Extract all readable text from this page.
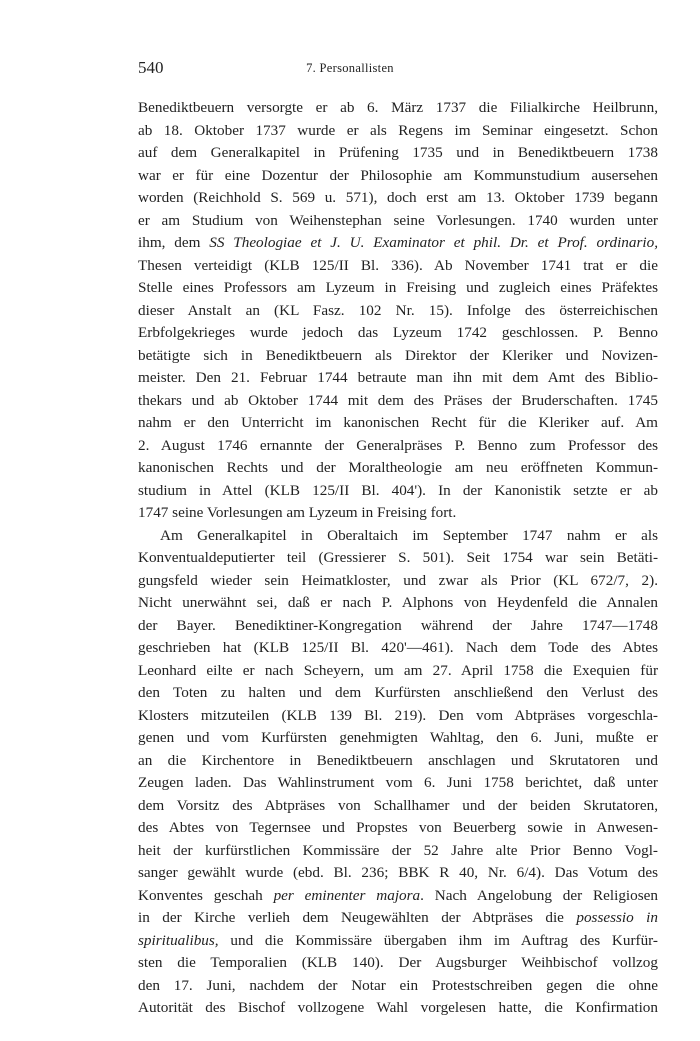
540	7. Personallisten
Benediktbeuern versorgte er ab 6. März 1737 die Filialkirche Heilbrunn,
ab 18. Oktober 1737 wurde er als Regens im Seminar eingesetzt. Schon
auf dem Generalkapitel in Prüfening 1735 und in Benediktbeuern 1738
war er für eine Dozentur der Philosophie am Kommunstudium ausersehen
worden (Reichhold S. 569 u. 571), doch erst am 13. Oktober 1739 begann
er am Studium von Weihenstephan seine Vorlesungen. 1740 wurden unter
ihm, dem SS Theologiae et J. U. Examinator et phil. Dr. et Prof. ordinario,
Thesen verteidigt (KLB 125/II Bl. 336). Ab November 1741 trat er die
Stelle eines Professors am Lyzeum in Freising und zugleich eines Präfektes
dieser Anstalt an (KL Fasz. 102 Nr. 15). Infolge des österreichischen
Erbfolgekrieges wurde jedoch das Lyzeum 1742 geschlossen. P. Benno
betätigte sich in Benediktbeuern als Direktor der Kleriker und Novizen-
meister. Den 21. Februar 1744 betraute man ihn mit dem Amt des Biblio-
thekars und ab Oktober 1744 mit dem des Präses der Bruderschaften. 1745
nahm er den Unterricht im kanonischen Recht für die Kleriker auf. Am
2. August 1746 ernannte der Generalpräses P. Benno zum Professor des
kanonischen Rechts und der Moraltheologie am neu eröffneten Kommun-
studium in Attel (KLB 125/II Bl. 404'). In der Kanonistik setzte er ab
1747 seine Vorlesungen am Lyzeum in Freising fort.
Am Generalkapitel in Oberaltaich im September 1747 nahm er als
Konventualdeputierter teil (Gressierer S. 501). Seit 1754 war sein Betäti-
gungsfeld wieder sein Heimatkloster, und zwar als Prior (KL 672/7, 2).
Nicht unerwähnt sei, daß er nach P. Alphons von Heydenfeld die Annalen
der Bayer. Benediktiner-Kongregation während der Jahre 1747—1748
geschrieben hat (KLB 125/II Bl. 420'—461). Nach dem Tode des Abtes
Leonhard eilte er nach Scheyern, um am 27. April 1758 die Exequien für
den Toten zu halten und dem Kurfürsten anschließend den Verlust des
Klosters mitzuteilen (KLB 139 Bl. 219). Den vom Abtpräses vorgeschla-
genen und vom Kurfürsten genehmigten Wahltag, den 6. Juni, mußte er
an die Kirchentore in Benediktbeuern anschlagen und Skrutatoren und
Zeugen laden. Das Wahlinstrument vom 6. Juni 1758 berichtet, daß unter
dem Vorsitz des Abtpräses von Schallhamer und der beiden Skrutatoren,
des Abtes von Tegernsee und Propstes von Beuerberg sowie in Anwesen-
heit der kurfürstlichen Kommissäre der 52 Jahre alte Prior Benno Vogl-
sanger gewählt wurde (ebd. Bl. 236; BBK R 40, Nr. 6/4). Das Votum des
Konventes geschah per eminenter majora. Nach Angelobung der Religiosen
in der Kirche verlieh dem Neugewählten der Abtpräses die possessio in
spiritualibus, und die Kommissäre übergaben ihm im Auftrag des Kurfür-
sten die Temporalien (KLB 140). Der Augsburger Weihbischof vollzog
den 17. Juni, nachdem der Notar ein Protestschreiben gegen die ohne
Autorität des Bischof vollzogene Wahl vorgelesen hatte, die Konfirmation
